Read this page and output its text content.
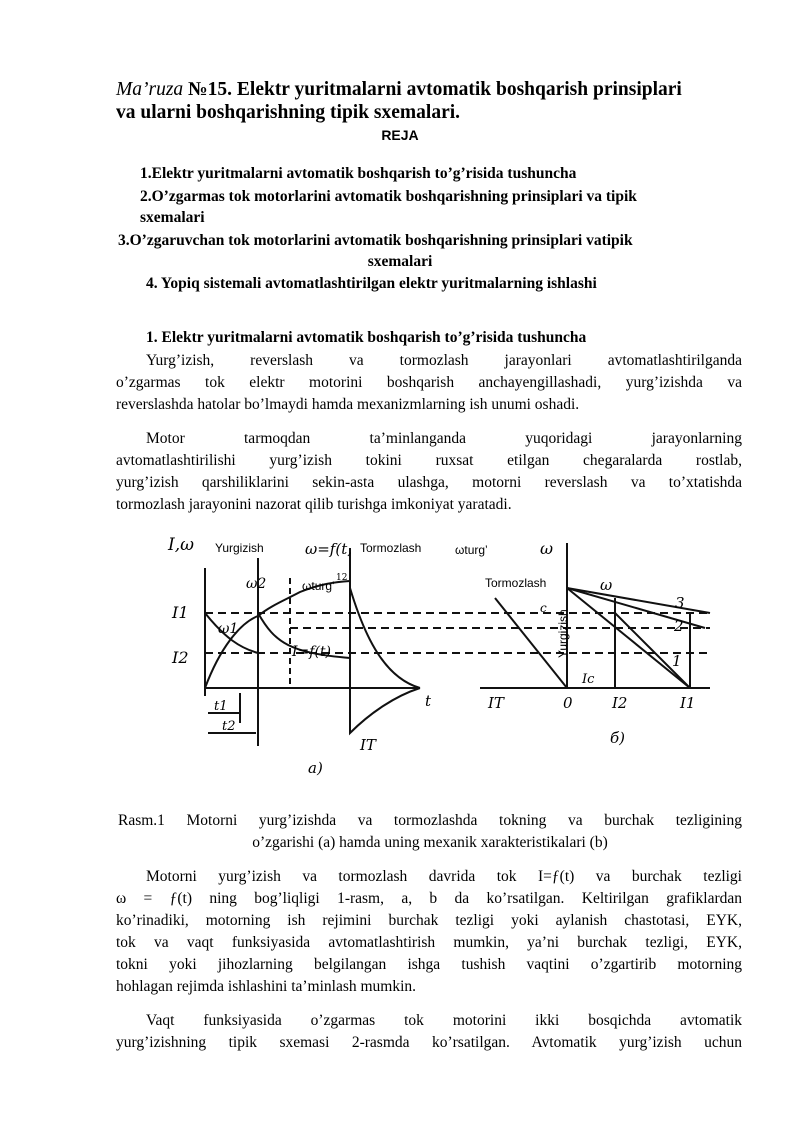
Ma’ruza №15. Elektr yuritmalarni avtomatik boshqarish prinsiplari
va ularni boshqarishning tipik sxemalari.
REJA
1.Elektr yuritmalarni avtomatik boshqarish to’g’risida tushuncha
2.O’zgarmas tok motorlarini avtomatik boshqarishning prinsiplari va tipik
sxemalari
3.O’zgaruvchan tok motorlarini avtomatik boshqarishning prinsiplari vatipik
sxemalari
4. Yopiq sistemali avtomatlashtirilgan elektr yuritmalarning ishlashi
1. Elektr yuritmalarni avtomatik boshqarish to’g’risida tushuncha
Yurg’izish, reverslash va tormozlash jarayonlari avtomatlashtirilganda
o’zgarmas tok elektr motorini boshqarish anchayengillashadi, yurg’izishda va
reverslashda hatolar bo’lmaydi hamda mexanizmlarning ish unumi oshadi.
Motor tarmoqdan ta’minlanganda yuqoridagi jarayonlarning
avtomatlashtirilishi yurg’izish tokini ruxsat etilgan chegaralarda rostlab,
yurg’izish qarshiliklarini sekin-asta ulashga, motorni reverslash va to’xtatishda
tormozlash jarayonini nazorat qilib turishga imkoniyat yaratadi.
I,ω Yurgizish	ω=f(t, Tormozlash	ωturg’	ω
ωturg’	Tormozlash
ω2
ω1
I1
I2	I=f(t)
t1
t2
t
IT
a)
12
Yurgizish
c
ω
IT	0
Ic
I2	I1
1
2
3
б)
Rasm.1 Motorni yurg’izishda va tormozlashda tokning va burchak tezligining
o’zgarishi (a) hamda uning mexanik xarakteristikalari (b)
Motorni yurg’izish va tormozlash davrida tok I=ƒ(t) va burchak tezligi
ω = ƒ(t) ning bog’liqligi 1-rasm, a, b da ko’rsatilgan. Keltirilgan grafiklardan
ko’rinadiki, motorning ish rejimini burchak tezligi yoki aylanish chastotasi, EYK,
tok va vaqt funksiyasida avtomatlashtirish mumkin, ya’ni burchak tezligi, EYK,
tokni yoki jihozlarning belgilangan ishga tushish vaqtini o’zgartirib motorning
hohlagan rejimda ishlashini ta’minlash mumkin.
Vaqt funksiyasida o’zgarmas tok motorini ikki bosqichda avtomatik
yurg’izishning tipik sxemasi 2-rasmda ko’rsatilgan. Avtomatik yurg’izish uchun
